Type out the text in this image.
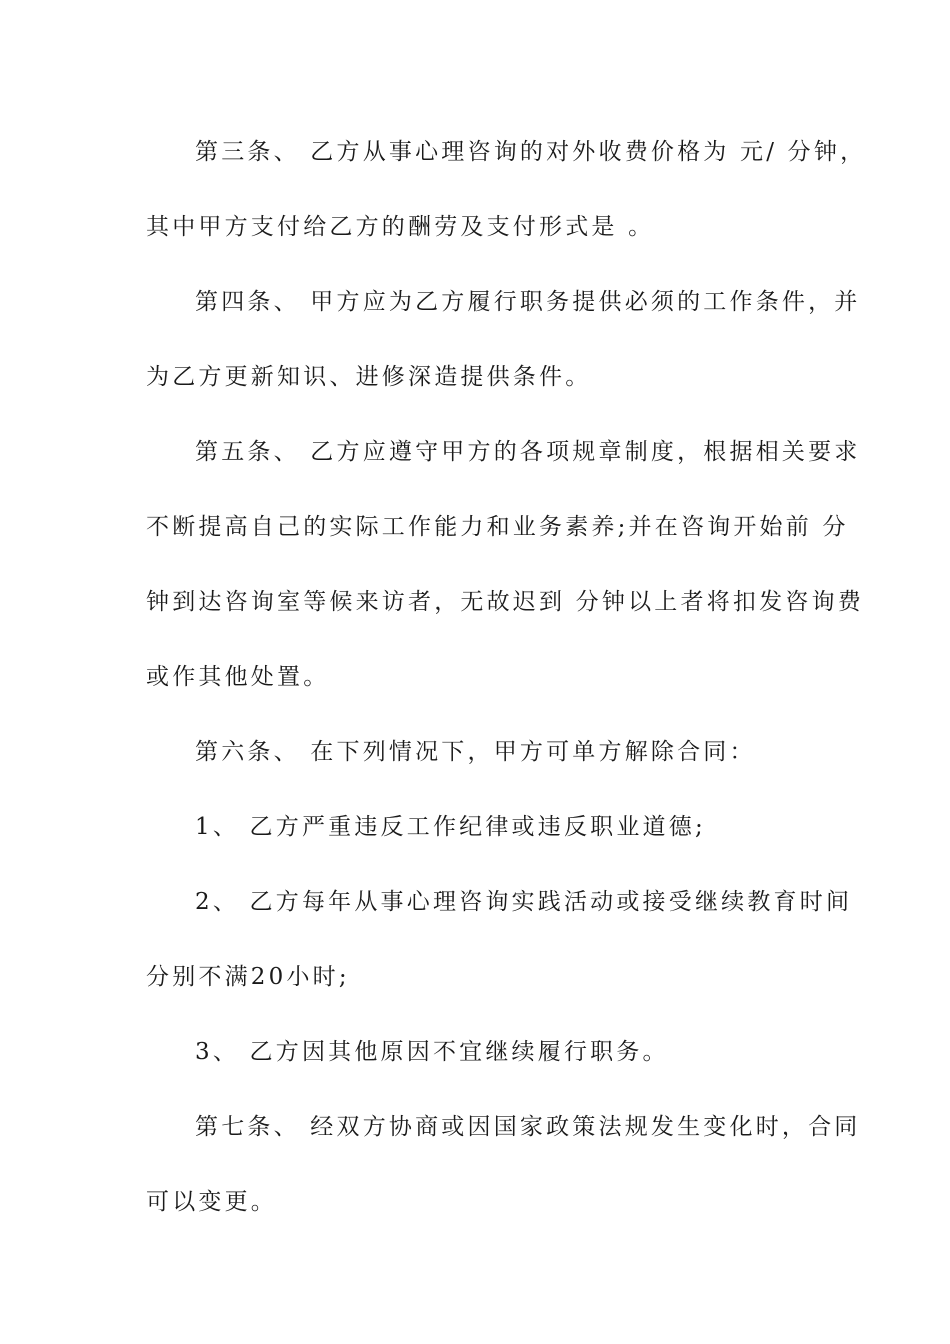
第三条、 乙方从事心理咨询的对外收费价格为 元/ 分钟，
其中甲方支付给乙方的酬劳及支付形式是 。
第四条、 甲方应为乙方履行职务提供必须的工作条件，并
为乙方更新知识、进修深造提供条件。
第五条、 乙方应遵守甲方的各项规章制度，根据相关要求
不断提高自己的实际工作能力和业务素养;并在咨询开始前 分
钟到达咨询室等候来访者，无故迟到 分钟以上者将扣发咨询费
或作其他处置。
第六条、 在下列情况下，甲方可单方解除合同：
1、 乙方严重违反工作纪律或违反职业道德;
2、 乙方每年从事心理咨询实践活动或接受继续教育时间
分别不满20小时;
3、 乙方因其他原因不宜继续履行职务。
第七条、 经双方协商或因国家政策法规发生变化时，合同
可以变更。
